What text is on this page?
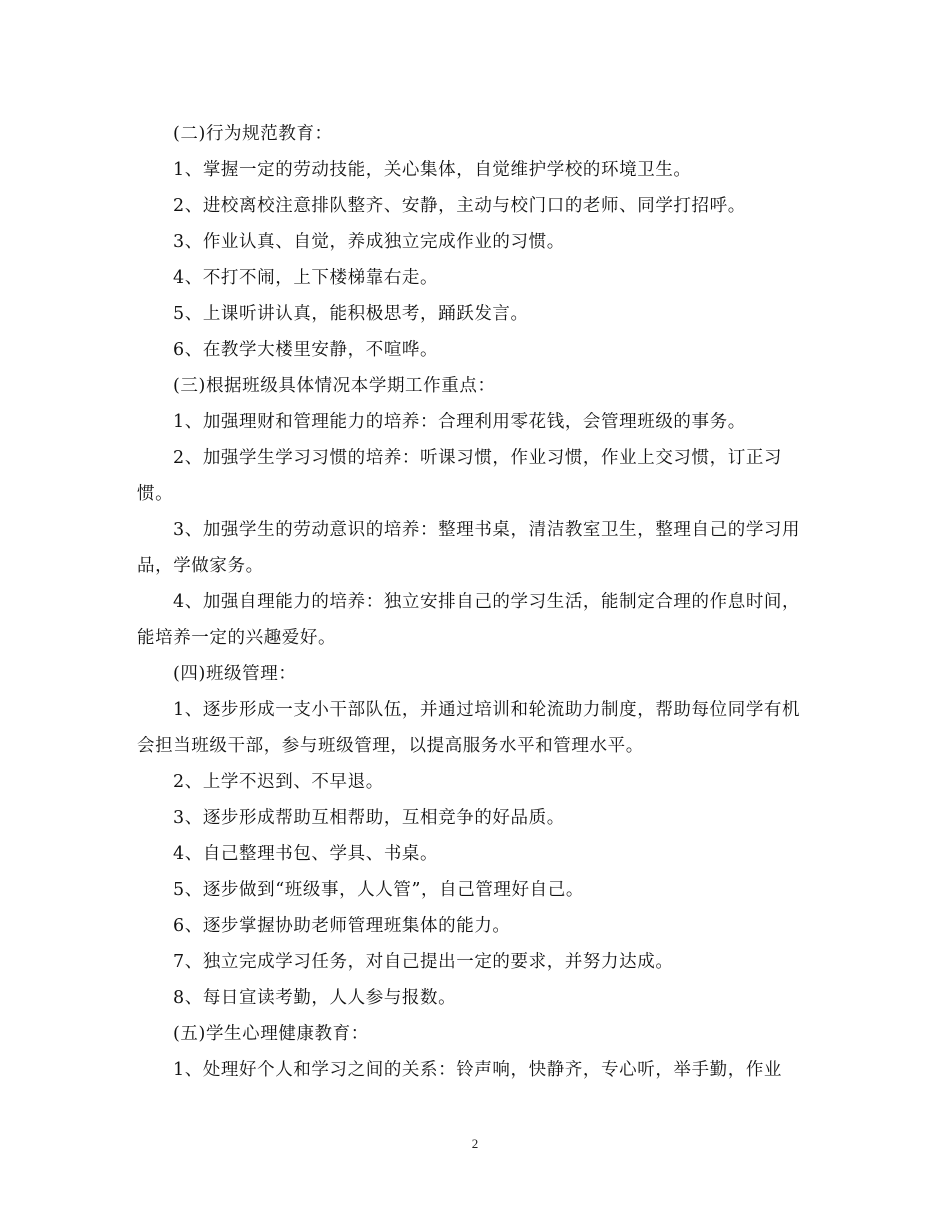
(二)行为规范教育：

1、掌握一定的劳动技能，关心集体，自觉维护学校的环境卫生。

2、进校离校注意排队整齐、安静，主动与校门口的老师、同学打招呼。

3、作业认真、自觉，养成独立完成作业的习惯。

4、不打不闹，上下楼梯靠右走。

5、上课听讲认真，能积极思考，踊跃发言。

6、在教学大楼里安静，不喧哗。

(三)根据班级具体情况本学期工作重点：

1、加强理财和管理能力的培养：合理利用零花钱，会管理班级的事务。

2、加强学生学习习惯的培养：听课习惯，作业习惯，作业上交习惯，订正习惯。

3、加强学生的劳动意识的培养：整理书桌，清洁教室卫生，整理自己的学习用品，学做家务。

4、加强自理能力的培养：独立安排自己的学习生活，能制定合理的作息时间，能培养一定的兴趣爱好。

(四)班级管理：

1、逐步形成一支小干部队伍，并通过培训和轮流助力制度，帮助每位同学有机会担当班级干部，参与班级管理，以提高服务水平和管理水平。

2、上学不迟到、不早退。

3、逐步形成帮助互相帮助，互相竞争的好品质。

4、自己整理书包、学具、书桌。

5、逐步做到“班级事，人人管”，自己管理好自己。

6、逐步掌握协助老师管理班集体的能力。

7、独立完成学习任务，对自己提出一定的要求，并努力达成。

8、每日宣读考勤，人人参与报数。

(五)学生心理健康教育：

1、处理好个人和学习之间的关系：铃声响，快静齐，专心听，举手勤，作业

2
